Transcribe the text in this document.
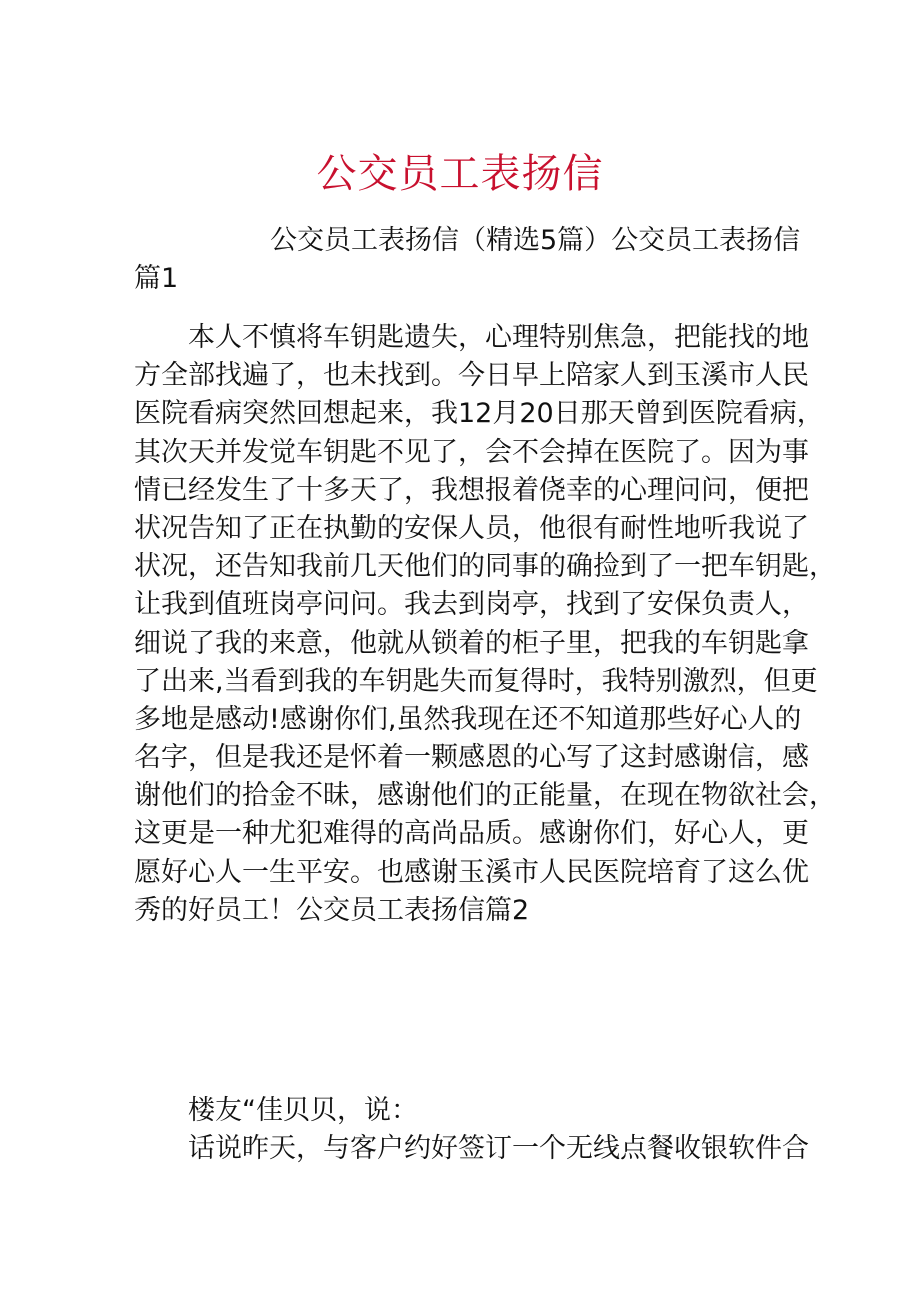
公交员工表扬信
公交员工表扬信（精选5篇）公交员工表扬信
篇1
本人不慎将车钥匙遗失，心理特别焦急，把能找的地
方全部找遍了，也未找到。今日早上陪家人到玉溪市人民
医院看病突然回想起来，我12月20日那天曾到医院看病，
其次天并发觉车钥匙不见了，会不会掉在医院了。因为事
情已经发生了十多天了，我想报着侥幸的心理问问，便把
状况告知了正在执勤的安保人员，他很有耐性地听我说了
状况，还告知我前几天他们的同事的确捡到了一把车钥匙，
让我到值班岗亭问问。我去到岗亭，找到了安保负责人，
细说了我的来意，他就从锁着的柜子里，把我的车钥匙拿
了出来,当看到我的车钥匙失而复得时，我特别激烈，但更
多地是感动!感谢你们,虽然我现在还不知道那些好心人的
名字，但是我还是怀着一颗感恩的心写了这封感谢信，感
谢他们的拾金不昧，感谢他们的正能量，在现在物欲社会，
这更是一种尤犯难得的高尚品质。感谢你们，好心人，更
愿好心人一生平安。也感谢玉溪市人民医院培育了这么优
秀的好员工！公交员工表扬信篇2
楼友“佳贝贝，说：
话说昨天，与客户约好签订一个无线点餐收银软件合
